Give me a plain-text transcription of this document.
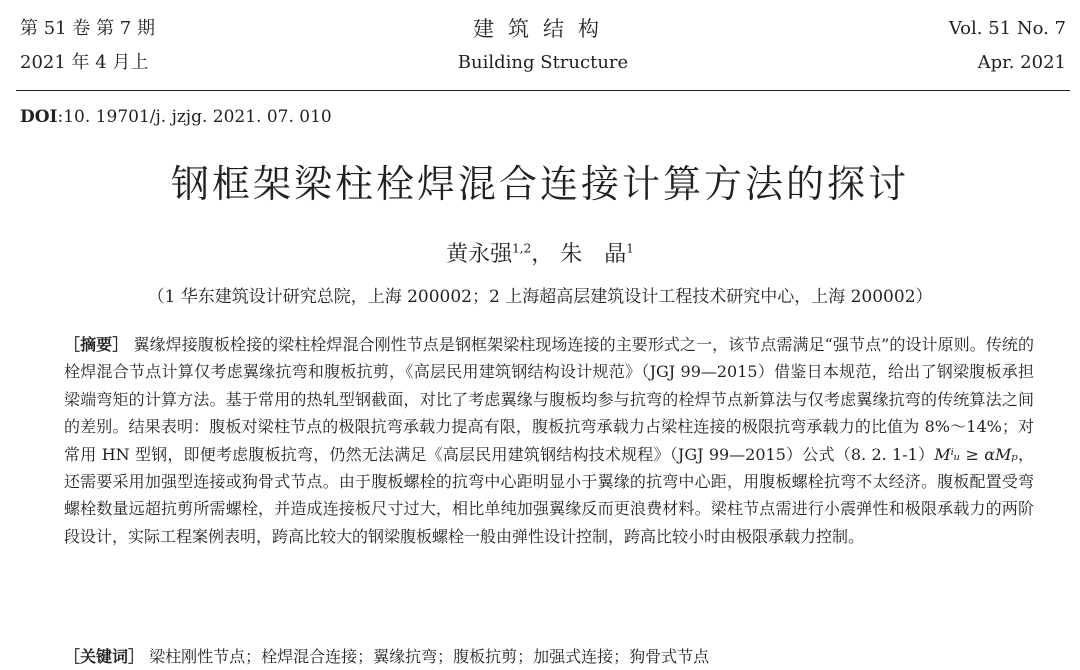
第 51 卷 第 7 期
2021 年 4 月上
建筑结构
Building Structure
Vol. 51 No. 7
Apr. 2021
DOI:10. 19701/j. jzjg. 2021. 07. 010
钢框架梁柱栓焊混合连接计算方法的探讨
黄永强$^{1,2}$， 朱　晶$^1$
（1 华东建筑设计研究总院，上海 200002；2 上海超高层建筑设计工程技术研究中心，上海 200002）
［摘要］ 翼缘焊接腹板栓接的梁柱栓焊混合刚性节点是钢框架梁柱现场连接的主要形式之一，该节点需满足“强节点”的设计原则。传统的栓焊混合节点计算仅考虑翼缘抗弯和腹板抗剪，《高层民用建筑钢结构设计规范》（JGJ 99—2015）借鉴日本规范，给出了钢梁腹板承担梁端弯矩的计算方法。基于常用的热轧型钢截面，对比了考虑翼缘与腹板均参与抗弯的栓焊节点新算法与仅考虑翼缘抗弯的传统算法之间的差别。结果表明：腹板对梁柱节点的极限抗弯承载力提高有限，腹板抗弯承载力占梁柱连接的极限抗弯承载力的比值为 8%～14%；对常用 HN 型钢，即便考虑腹板抗弯，仍然无法满足《高层民用建筑钢结构技术规程》（JGJ 99—2015）公式（8. 2. 1-1）Mⁱᵤ ≥ αMₚ，还需要采用加强型连接或狗骨式节点。由于腹板螺栓的抗弯中心距明显小于翼缘的抗弯中心距，用腹板螺栓抗弯不太经济。腹板配置受弯螺栓数量远超抗剪所需螺栓，并造成连接板尺寸过大，相比单纯加强翼缘反而更浪费材料。梁柱节点需进行小震弹性和极限承载力的两阶段设计，实际工程案例表明，跨高比较大的钢梁腹板螺栓一般由弹性设计控制，跨高比较小时由极限承载力控制。
［关键词］ 梁柱刚性节点；栓焊混合连接；翼缘抗弯；腹板抗剪；加强式连接；狗骨式节点
